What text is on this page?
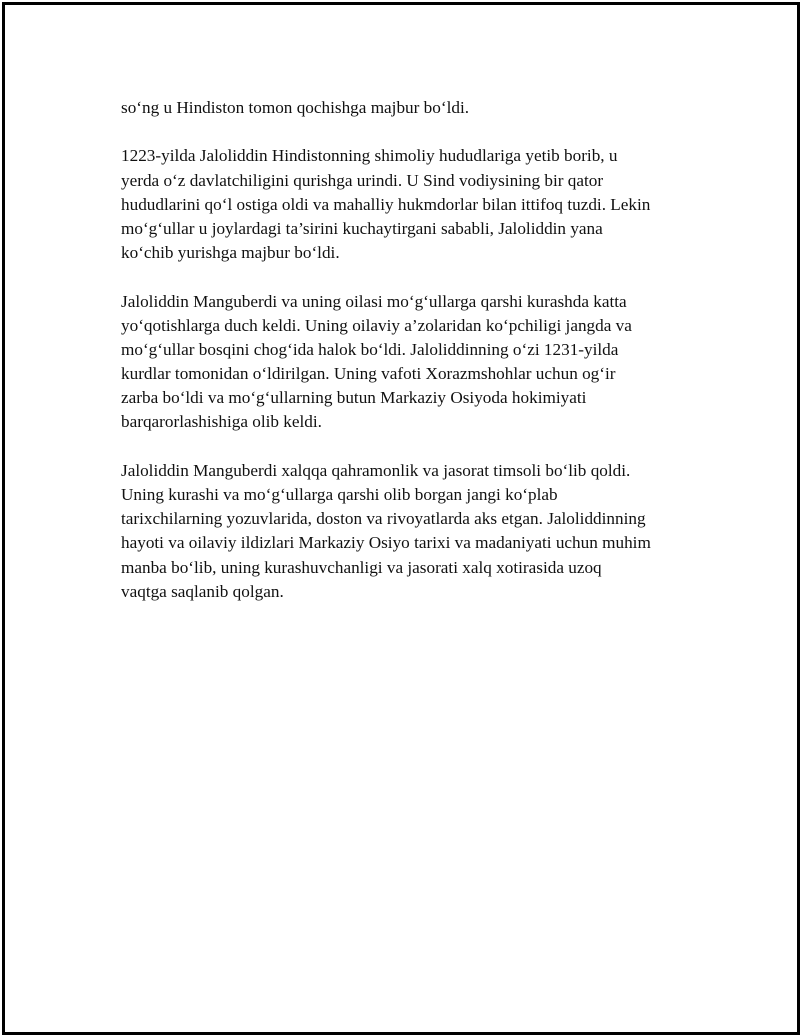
so‘ng u Hindiston tomon qochishga majbur bo‘ldi.

1223-yilda Jaloliddin Hindistonning shimoliy hududlariga yetib borib, u
yerda o‘z davlatchiligini qurishga urindi. U Sind vodiysining bir qator
hududlarini qo‘l ostiga oldi va mahalliy hukmdorlar bilan ittifoq tuzdi. Lekin
mo‘g‘ullar u joylardagi ta’sirini kuchaytirgani sababli, Jaloliddin yana
ko‘chib yurishga majbur bo‘ldi.

Jaloliddin Manguberdi va uning oilasi mo‘g‘ullarga qarshi kurashda katta
yo‘qotishlarga duch keldi. Uning oilaviy a’zolaridan ko‘pchiligi jangda va
mo‘g‘ullar bosqini chog‘ida halok bo‘ldi. Jaloliddinning o‘zi 1231-yilda
kurdlar tomonidan o‘ldirilgan. Uning vafoti Xorazmshohlar uchun og‘ir
zarba bo‘ldi va mo‘g‘ullarning butun Markaziy Osiyoda hokimiyati
barqarorlashishiga olib keldi.

Jaloliddin Manguberdi xalqqa qahramonlik va jasorat timsoli bo‘lib qoldi.
Uning kurashi va mo‘g‘ullarga qarshi olib borgan jangi ko‘plab
tarixchilarning yozuvlarida, doston va rivoyatlarda aks etgan. Jaloliddinning
hayoti va oilaviy ildizlari Markaziy Osiyo tarixi va madaniyati uchun muhim
manba bo‘lib, uning kurashuvchanligi va jasorati xalq xotirasida uzoq
vaqtga saqlanib qolgan.
